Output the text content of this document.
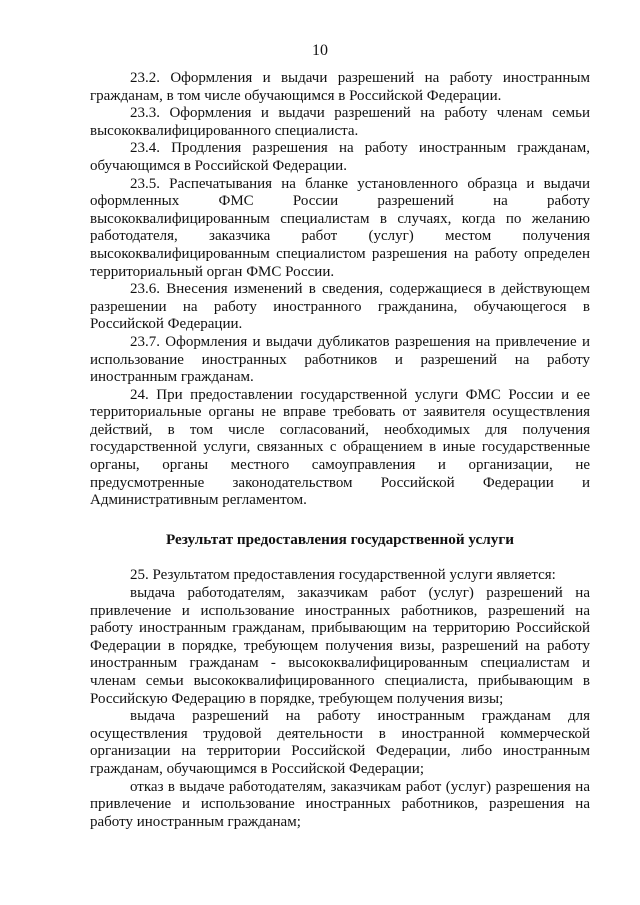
10

23.2. Оформления и выдачи разрешений на работу иностранным гражданам, в том числе обучающимся в Российской Федерации.

23.3. Оформления и выдачи разрешений на работу членам семьи высококвалифицированного специалиста.

23.4. Продления разрешения на работу иностранным гражданам, обучающимся в Российской Федерации.

23.5. Распечатывания на бланке установленного образца и выдачи оформленных ФМС России разрешений на работу высококвалифицированным специалистам в случаях, когда по желанию работодателя, заказчика работ (услуг) местом получения высококвалифицированным специалистом разрешения на работу определен территориальный орган ФМС России.

23.6. Внесения изменений в сведения, содержащиеся в действующем разрешении на работу иностранного гражданина, обучающегося в Российской Федерации.

23.7. Оформления и выдачи дубликатов разрешения на привлечение и использование иностранных работников и разрешений на работу иностранным гражданам.

24. При предоставлении государственной услуги ФМС России и ее территориальные органы не вправе требовать от заявителя осуществления действий, в том числе согласований, необходимых для получения государственной услуги, связанных с обращением в иные государственные органы, органы местного самоуправления и организации, не предусмотренные законодательством Российской Федерации и Административным регламентом.

Результат предоставления государственной услуги

25. Результатом предоставления государственной услуги является:

выдача работодателям, заказчикам работ (услуг) разрешений на привлечение и использование иностранных работников, разрешений на работу иностранным гражданам, прибывающим на территорию Российской Федерации в порядке, требующем получения визы, разрешений на работу иностранным гражданам - высококвалифицированным специалистам и членам семьи высококвалифицированного специалиста, прибывающим в Российскую Федерацию в порядке, требующем получения визы;

выдача разрешений на работу иностранным гражданам для осуществления трудовой деятельности в иностранной коммерческой организации на территории Российской Федерации, либо иностранным гражданам, обучающимся в Российской Федерации;

отказ в выдаче работодателям, заказчикам работ (услуг) разрешения на привлечение и использование иностранных работников, разрешения на работу иностранным гражданам;
